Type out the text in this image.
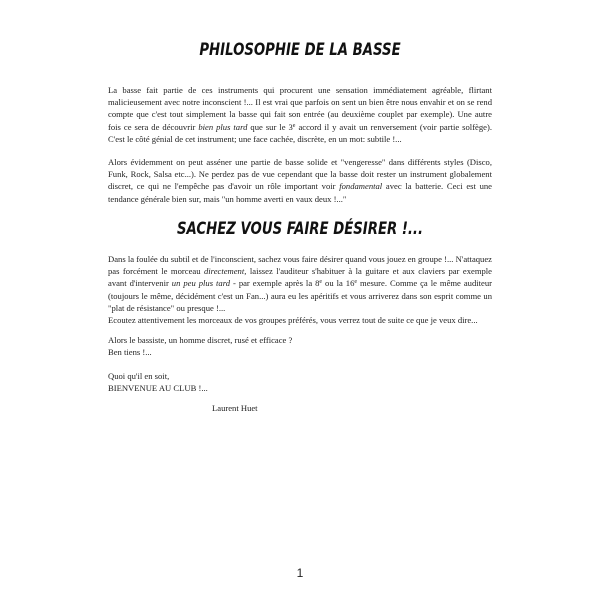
PHILOSOPHIE DE LA BASSE

La basse fait partie de ces instruments qui procurent une sensation immédiatement agréable, flirtant malicieusement avec notre inconscient !... Il est vrai que parfois on sent un bien être nous envahir et on se rend compte que c'est tout simplement la basse qui fait son entrée (au deuxième couplet par exemple). Une autre fois ce sera de découvrir bien plus tard que sur le 3e accord il y avait un renversement (voir partie solfège). C'est le côté génial de cet instrument; une face cachée, discrète, en un mot: subtile !...

Alors évidemment on peut asséner une partie de basse solide et "vengeresse" dans différents styles (Disco, Funk, Rock, Salsa etc...). Ne perdez pas de vue cependant que la basse doit rester un instrument globalement discret, ce qui ne l'empêche pas d'avoir un rôle important voir fondamental avec la batterie. Ceci est une tendance générale bien sur, mais "un homme averti en vaux deux !..."

SACHEZ VOUS FAIRE DÉSIRER !...

Dans la foulée du subtil et de l'inconscient, sachez vous faire désirer quand vous jouez en groupe !... N'attaquez pas forcément le morceau directement, laissez l'auditeur s'habituer à la guitare et aux claviers par exemple avant d'intervenir un peu plus tard - par exemple après la 8e ou la 16e mesure. Comme ça le même auditeur (toujours le même, décidément c'est un Fan...) aura eu les apéritifs et vous arriverez dans son esprit comme un "plat de résistance" ou presque !...

Ecoutez attentivement les morceaux de vos groupes préférés, vous verrez tout de suite ce que je veux dire...

Alors le bassiste, un homme discret, rusé et efficace ?
Ben tiens !...
Quoi qu'il en soit,
BIENVENUE AU CLUB !...
Laurent Huet
1
